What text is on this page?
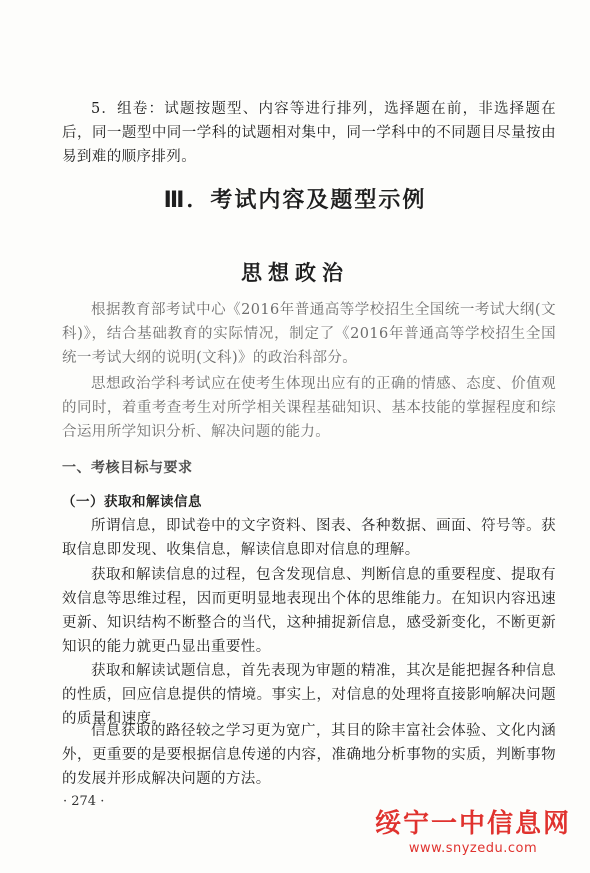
5．组卷：试题按题型、内容等进行排列，选择题在前，非选择题在后，同一题型中同一学科的试题相对集中，同一学科中的不同题目尽量按由易到难的顺序排列。

Ⅲ．考试内容及题型示例
思想政治

根据教育部考试中心《2016年普通高等学校招生全国统一考试大纲(文科)》，结合基础教育的实际情况，制定了《2016年普通高等学校招生全国统一考试大纲的说明(文科)》的政治科部分。

思想政治学科考试应在使考生体现出应有的正确的情感、态度、价值观的同时，着重考查考生对所学相关课程基础知识、基本技能的掌握程度和综合运用所学知识分析、解决问题的能力。

一、考核目标与要求
（一）获取和解读信息

所谓信息，即试卷中的文字资料、图表、各种数据、画面、符号等。获取信息即发现、收集信息，解读信息即对信息的理解。

获取和解读信息的过程，包含发现信息、判断信息的重要程度、提取有效信息等思维过程，因而更明显地表现出个体的思维能力。在知识内容迅速更新、知识结构不断整合的当代，这种捕捉新信息，感受新变化，不断更新知识的能力就更凸显出重要性。

获取和解读试题信息，首先表现为审题的精准，其次是能把握各种信息的性质，回应信息提供的情境。事实上，对信息的处理将直接影响解决问题的质量和速度。

信息获取的路径较之学习更为宽广，其目的除丰富社会体验、文化内涵外，更重要的是要根据信息传递的内容，准确地分析事物的实质，判断事物的发展并形成解决问题的方法。

· 274 ·

绥宁一中信息网
www.snyzedu.com
